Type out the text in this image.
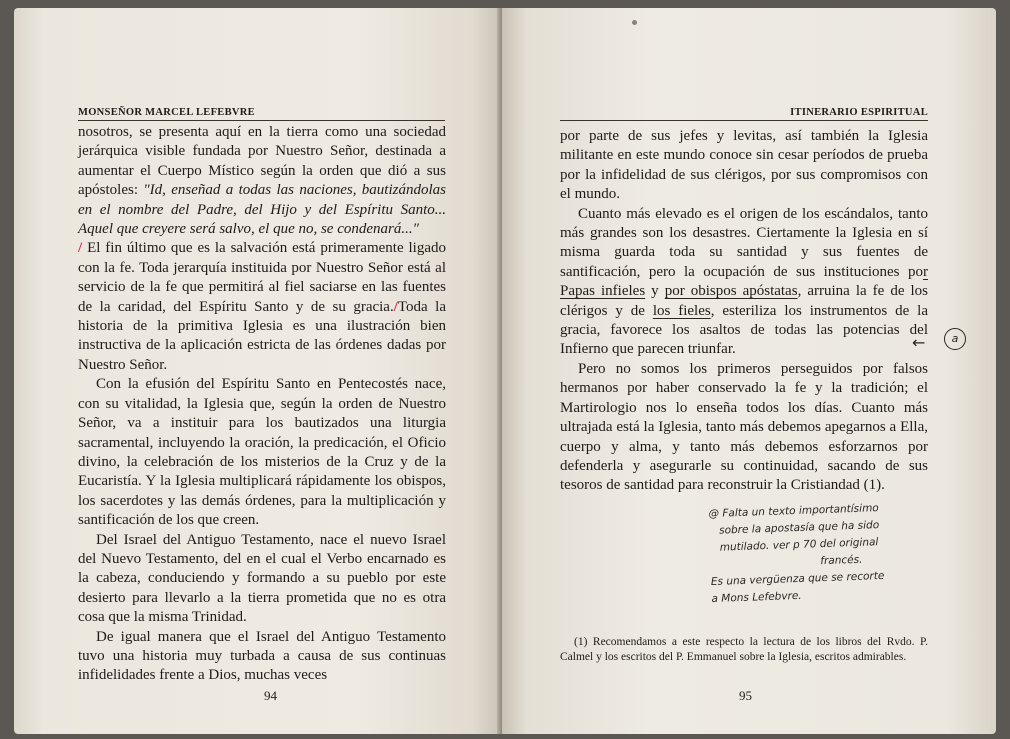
MONSEÑOR MARCEL LEFEBVRE

nosotros, se presenta aquí en la tierra como una sociedad jerárquica visible fundada por Nuestro Señor, destinada a aumentar el Cuerpo Místico según la orden que dió a sus apóstoles: "Id, enseñad a todas las naciones, bautizándolas en el nombre del Padre, del Hijo y del Espíritu Santo... Aquel que creyere será salvo, el que no, se condenará..."

/ El fin último que es la salvación está primeramente ligado con la fe. Toda jerarquía instituida por Nuestro Señor está al servicio de la fe que permitirá al fiel saciarse en las fuentes de la caridad, del Espíritu Santo y de su gracia./Toda la historia de la primitiva Iglesia es una ilustración bien instructiva de la aplicación estricta de las órdenes dadas por Nuestro Señor.

Con la efusión del Espíritu Santo en Pentecostés nace, con su vitalidad, la Iglesia que, según la orden de Nuestro Señor, va a instituir para los bautizados una liturgia sacramental, incluyendo la oración, la predicación, el Oficio divino, la celebración de los misterios de la Cruz y de la Eucaristía. Y la Iglesia multiplicará rápidamente los obispos, los sacerdotes y las demás órdenes, para la multiplicación y santificación de los que creen.

Del Israel del Antiguo Testamento, nace el nuevo Israel del Nuevo Testamento, del en el cual el Verbo encarnado es la cabeza, conduciendo y formando a su pueblo por este desierto para llevarlo a la tierra prometida que no es otra cosa que la misma Trinidad.

De igual manera que el Israel del Antiguo Testamento tuvo una historia muy turbada a causa de sus continuas infidelidades frente a Dios, muchas veces

94
ITINERARIO ESPIRITUAL

por parte de sus jefes y levitas, así también la Iglesia militante en este mundo conoce sin cesar períodos de prueba por la infidelidad de sus clérigos, por sus compromisos con el mundo.

Cuanto más elevado es el origen de los escándalos, tanto más grandes son los desastres. Ciertamente la Iglesia en sí misma guarda toda su santidad y sus fuentes de santificación, pero la ocupación de sus instituciones por Papas infieles y por obispos apóstatas, arruina la fe de los clérigos y de los fieles, esteriliza los instrumentos de la gracia, favorece los asaltos de todas las potencias del Infierno que parecen triunfar.

Pero no somos los primeros perseguidos por falsos hermanos por haber conservado la fe y la tradición; el Martirologio nos lo enseña todos los días. Cuanto más ultrajada está la Iglesia, tanto más debemos apegarnos a Ella, cuerpo y alma, y tanto más debemos esforzarnos por defenderla y asegurarle su continuidad, sacando de sus tesoros de santidad para reconstruir la Cristiandad (1).

←	a
@ Falta un texto importantísimo
sobre la apostasía que ha sido
mutilado. ver p 70 del original
francés.
Es una vergüenza que se recorte
a Mons Lefebvre.

(1) Recomendamos a este respecto la lectura de los libros del Rvdo. P. Calmel y los escritos del P. Emmanuel sobre la Iglesia, escritos admirables.

95
